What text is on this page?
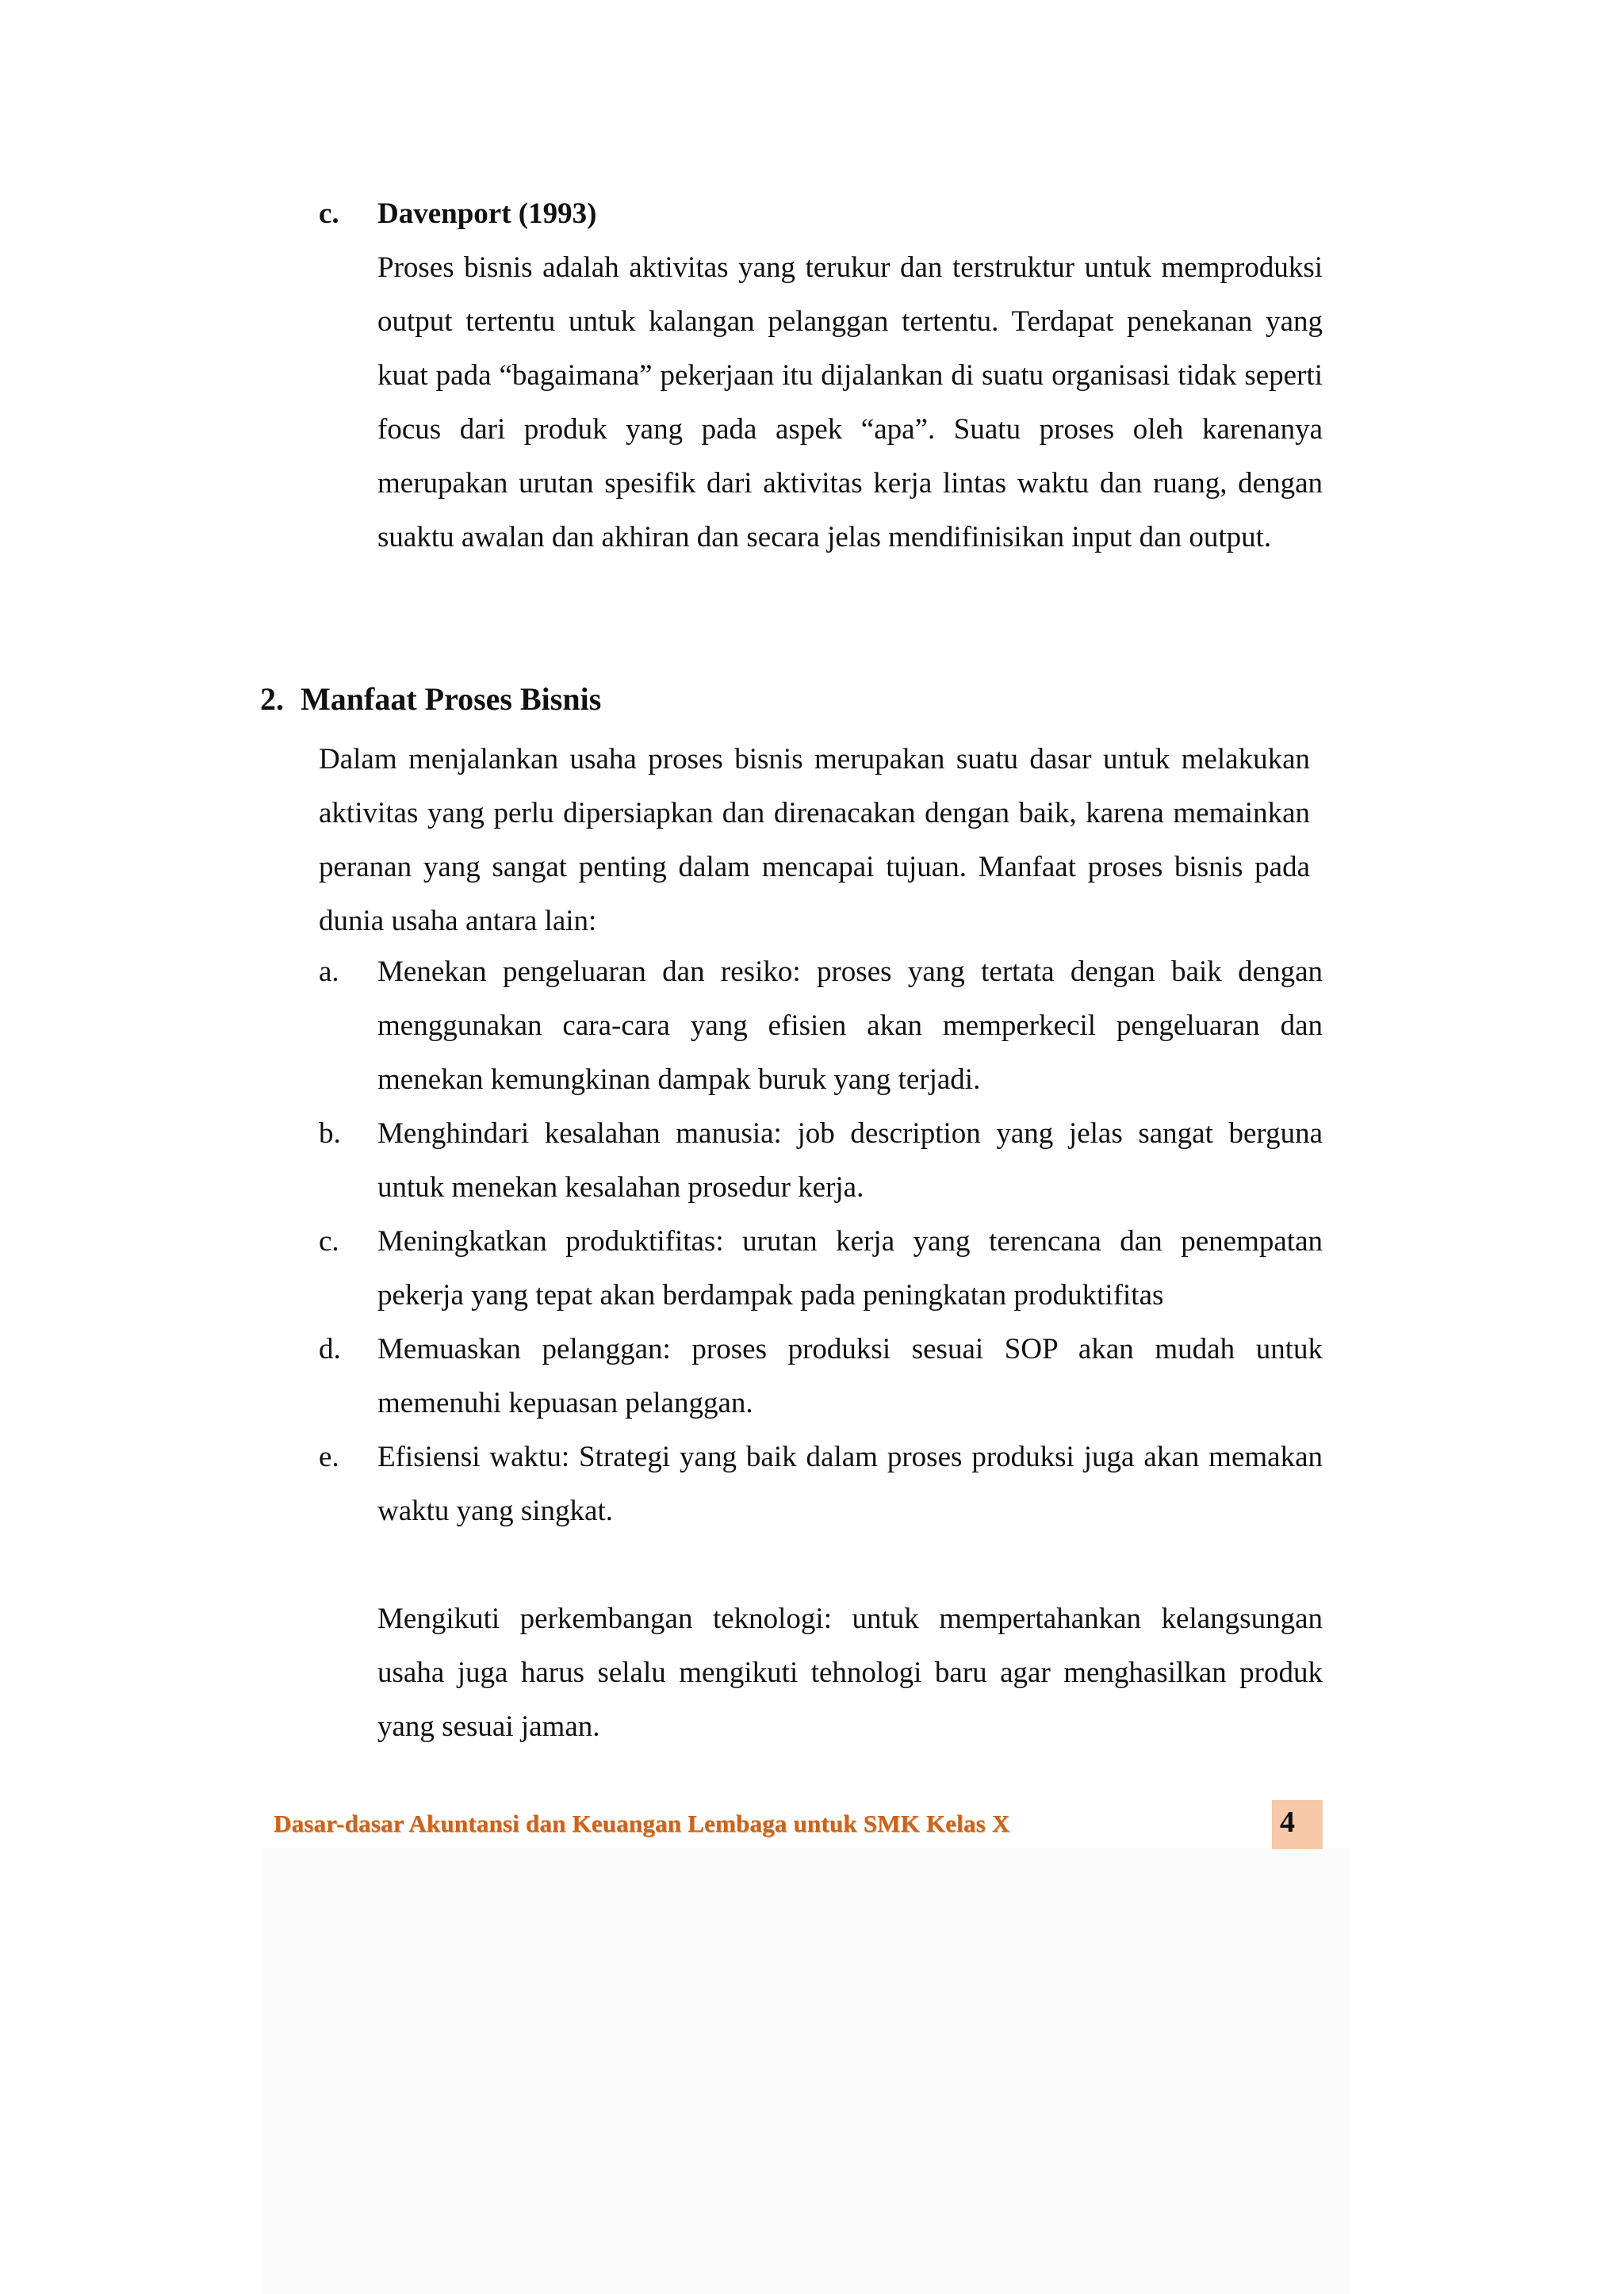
c. Davenport (1993)

Proses bisnis adalah aktivitas yang terukur dan terstruktur untuk memproduksi output tertentu untuk kalangan pelanggan tertentu. Terdapat penekanan yang kuat pada “bagaimana” pekerjaan itu dijalankan di suatu organisasi tidak seperti focus dari produk yang pada aspek “apa”. Suatu proses oleh karenanya merupakan urutan spesifik dari aktivitas kerja lintas waktu dan ruang, dengan suaktu awalan dan akhiran dan secara jelas mendifinisikan input dan output.

2. Manfaat Proses Bisnis

Dalam menjalankan usaha proses bisnis merupakan suatu dasar untuk melakukan aktivitas yang perlu dipersiapkan dan direnacakan dengan baik, karena memainkan peranan yang sangat penting dalam mencapai tujuan. Manfaat proses bisnis pada dunia usaha antara lain:

a. Menekan pengeluaran dan resiko: proses yang tertata dengan baik dengan menggunakan cara-cara yang efisien akan memperkecil pengeluaran dan menekan kemungkinan dampak buruk yang terjadi.
b. Menghindari kesalahan manusia: job description yang jelas sangat berguna untuk menekan kesalahan prosedur kerja.
c. Meningkatkan produktifitas: urutan kerja yang terencana dan penempatan pekerja yang tepat akan berdampak pada peningkatan produktifitas
d. Memuaskan pelanggan: proses produksi sesuai SOP akan mudah untuk memenuhi kepuasan pelanggan.
e. Efisiensi waktu: Strategi yang baik dalam proses produksi juga akan memakan waktu yang singkat.

Mengikuti perkembangan teknologi: untuk mempertahankan kelangsungan usaha juga harus selalu mengikuti tehnologi baru agar menghasilkan produk yang sesuai jaman.

Dasar-dasar Akuntansi dan Keuangan Lembaga untuk SMK Kelas X	4
